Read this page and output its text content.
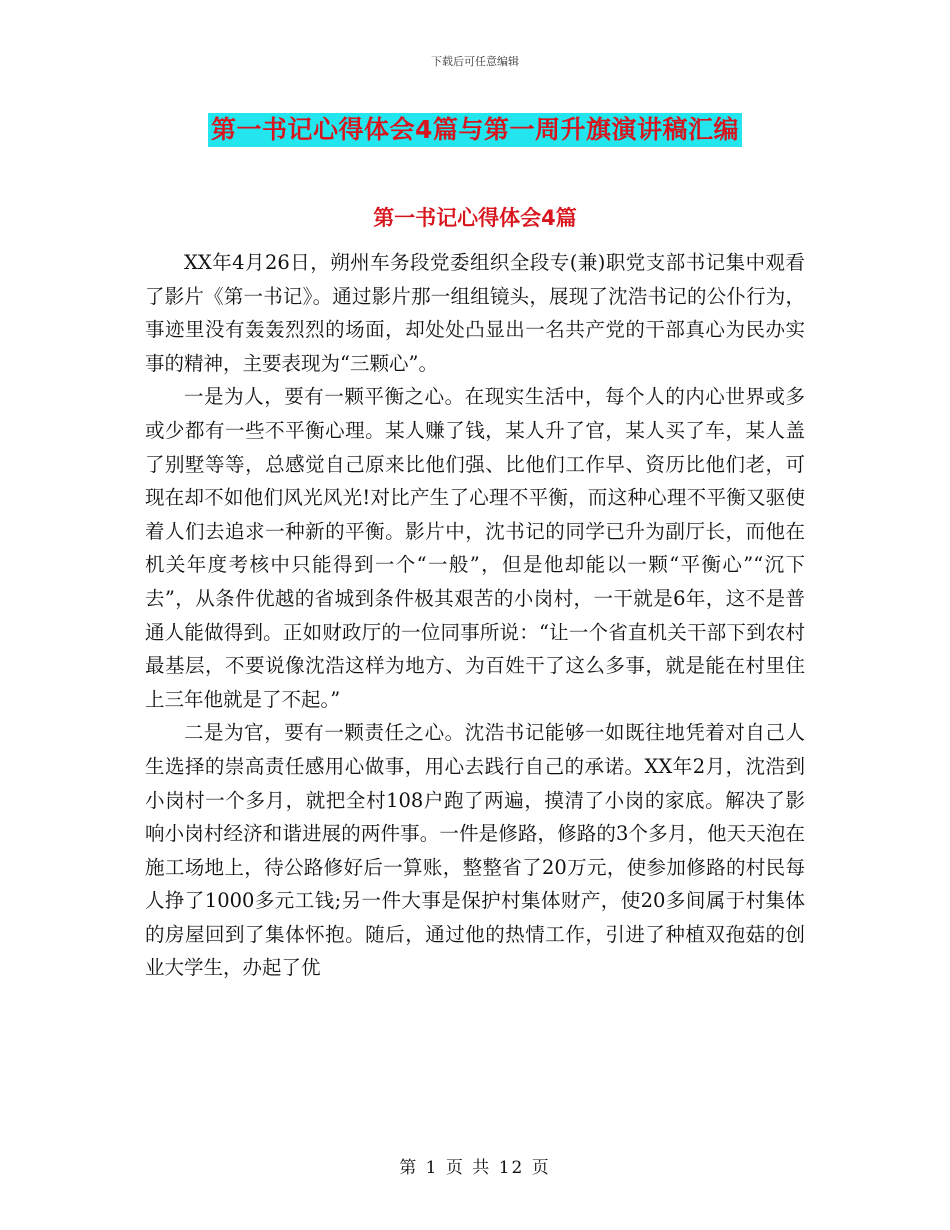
下载后可任意编辑
第一书记心得体会4篇与第一周升旗演讲稿汇编
第一书记心得体会4篇

XX年4月26日，朔州车务段党委组织全段专(兼)职党支部书记集中观看了影片《第一书记》。通过影片那一组组镜头，展现了沈浩书记的公仆行为，事迹里没有轰轰烈烈的场面，却处处凸显出一名共产党的干部真心为民办实事的精神，主要表现为“三颗心”。

一是为人，要有一颗平衡之心。在现实生活中，每个人的内心世界或多或少都有一些不平衡心理。某人赚了钱，某人升了官，某人买了车，某人盖了别墅等等，总感觉自己原来比他们强、比他们工作早、资历比他们老，可现在却不如他们风光风光!对比产生了心理不平衡，而这种心理不平衡又驱使着人们去追求一种新的平衡。影片中，沈书记的同学已升为副厅长，而他在机关年度考核中只能得到一个“一般”，但是他却能以一颗“平衡心”“沉下去”，从条件优越的省城到条件极其艰苦的小岗村，一干就是6年，这不是普通人能做得到。正如财政厅的一位同事所说：“让一个省直机关干部下到农村最基层，不要说像沈浩这样为地方、为百姓干了这么多事，就是能在村里住上三年他就是了不起。”

二是为官，要有一颗责任之心。沈浩书记能够一如既往地凭着对自己人生选择的崇高责任感用心做事，用心去践行自己的承诺。XX年2月，沈浩到小岗村一个多月，就把全村108户跑了两遍，摸清了小岗的家底。解决了影响小岗村经济和谐进展的两件事。一件是修路，修路的3个多月，他天天泡在施工场地上，待公路修好后一算账，整整省了20万元，使参加修路的村民每人挣了1000多元工钱;另一件大事是保护村集体财产，使20多间属于村集体的房屋回到了集体怀抱。随后，通过他的热情工作，引进了种植双孢菇的创业大学生，办起了优

第 1 页 共 12 页
